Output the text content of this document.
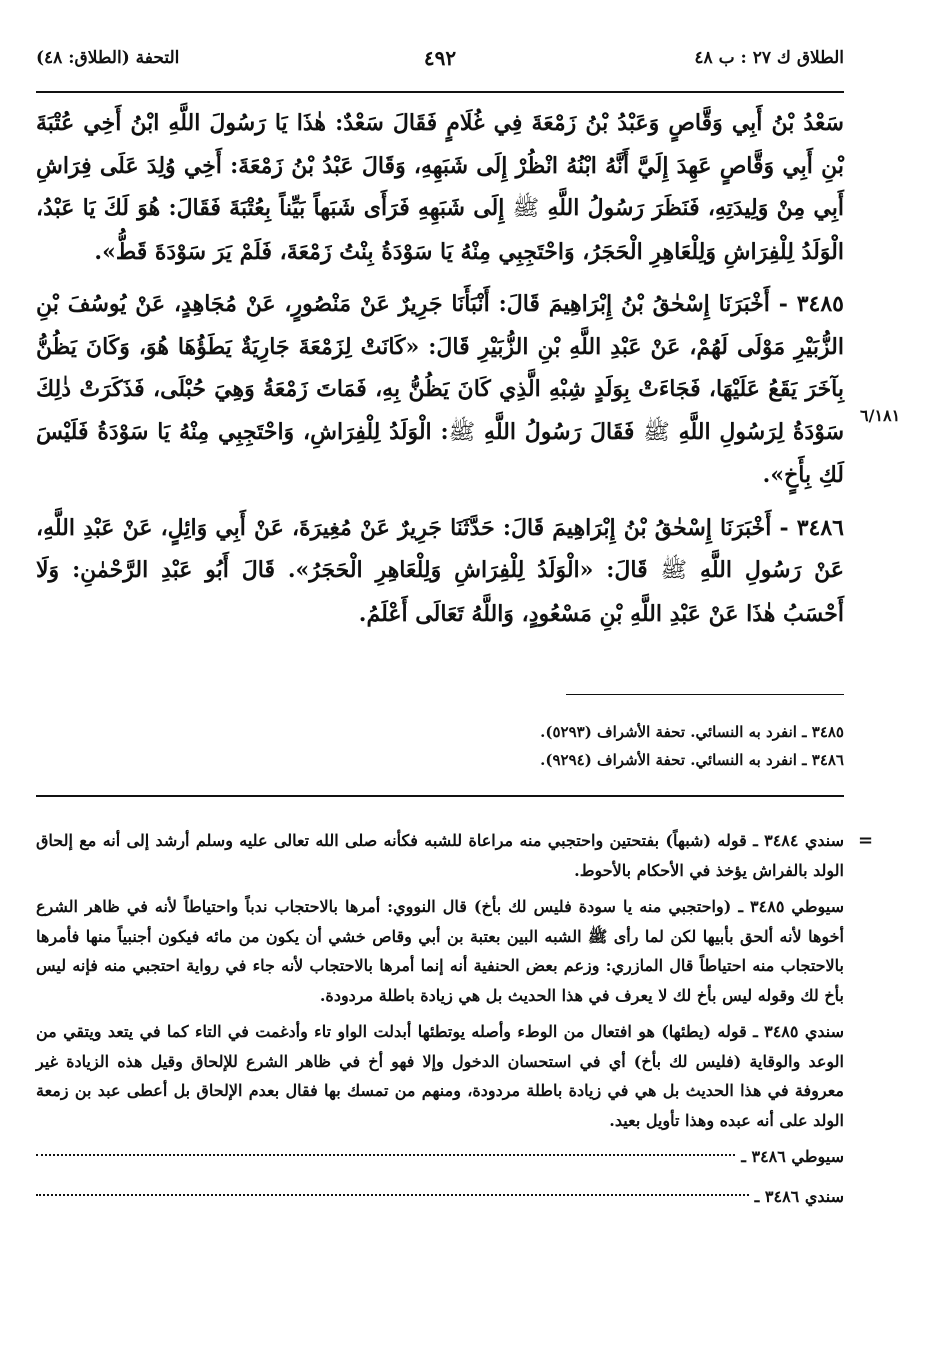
الطلاق ك ٢٧ : ب ٤٨
٤٩٢
التحفة (الطلاق: ٤٨)

سَعْدُ بْنُ أَبِي وَقَّاصٍ وَعَبْدُ بْنُ زَمْعَةَ فِي غُلَامٍ فَقَالَ سَعْدٌ: هٰذَا يَا رَسُولَ اللَّهِ ابْنُ أَخِي عُتْبَةَ بْنِ أَبِي وَقَّاصٍ عَهِدَ إِلَيَّ أَنَّهُ ابْنُهُ انْظُرْ إِلَى شَبَهِهِ، وَقَالَ عَبْدُ بْنُ زَمْعَةَ: أَخِي وُلِدَ عَلَى فِرَاشِ أَبِي مِنْ وَلِيدَتِهِ، فَنَظَرَ رَسُولُ اللَّهِ ﷺ إِلَى شَبَهِهِ فَرَأَى شَبَهاً بَيِّناً بِعُتْبَةَ فَقَالَ: هُوَ لَكَ يَا عَبْدُ، الْوَلَدُ لِلْفِرَاشِ وَلِلْعَاهِرِ الْحَجَرُ، وَاحْتَجِبِي مِنْهُ يَا سَوْدَةُ بِنْتُ زَمْعَةَ، فَلَمْ يَرَ سَوْدَةَ قَطُّ».

٣٤٨٥ - أَخْبَرَنَا إِسْحٰقُ بْنُ إِبْرَاهِيمَ قَالَ: أَنْبَأَنَا جَرِيرٌ عَنْ مَنْصُورٍ، عَنْ مُجَاهِدٍ، عَنْ يُوسُفَ بْنِ الزُّبَيْرِ مَوْلَى لَهُمْ، عَنْ عَبْدِ اللَّهِ بْنِ الزُّبَيْرِ قَالَ: «كَانَتْ لِزَمْعَةَ جَارِيَةٌ يَطَؤُهَا هُوَ، وَكَانَ يَظُنُّ بِآخَرَ يَقَعُ عَلَيْهَا، فَجَاءَتْ بِوَلَدٍ شِبْهِ الَّذِي كَانَ يَظُنُّ بِهِ، فَمَاتَ زَمْعَةُ وَهِيَ حُبْلَى، فَذَكَرَتْ ذٰلِكَ سَوْدَةُ لِرَسُولِ اللَّهِ ﷺ فَقَالَ رَسُولُ اللَّهِ ﷺ: الْوَلَدُ لِلْفِرَاشِ، وَاحْتَجِبِي مِنْهُ يَا سَوْدَةُ فَلَيْسَ لَكِ بِأَخٍ».

٣٤٨٦ - أَخْبَرَنَا إِسْحٰقُ بْنُ إِبْرَاهِيمَ قَالَ: حَدَّثَنَا جَرِيرٌ عَنْ مُغِيرَةَ، عَنْ أَبِي وَائِلٍ، عَنْ عَبْدِ اللَّهِ، عَنْ رَسُولِ اللَّهِ ﷺ قَالَ: «الْوَلَدُ لِلْفِرَاشِ وَلِلْعَاهِرِ الْحَجَرُ». قَالَ أَبُو عَبْدِ الرَّحْمٰنِ: وَلَا أَحْسَبُ هٰذَا عَنْ عَبْدِ اللَّهِ بْنِ مَسْعُودٍ، وَاللَّهُ تَعَالَى أَعْلَمُ.

٦/١٨١
٣٤٨٥ ـ انفرد به النسائي. تحفة الأشراف (٥٢٩٣).
٣٤٨٦ ـ انفرد به النسائي. تحفة الأشراف (٩٢٩٤).
=

سندي ٣٤٨٤ ـ قوله (شبهاً) بفتحتين واحتجبي منه مراعاة للشبه فكأنه صلى الله تعالى عليه وسلم أرشد إلى أنه مع إلحاق الولد بالفراش يؤخذ في الأحكام بالأحوط.

سيوطي ٣٤٨٥ ـ (واحتجبي منه يا سودة فليس لك بأخ) قال النووي: أمرها بالاحتجاب ندباً واحتياطاً لأنه في ظاهر الشرع أخوها لأنه ألحق بأبيها لكن لما رأى ﷺ الشبه البين بعتبة بن أبي وقاص خشي أن يكون من مائه فيكون أجنبياً منها فأمرها بالاحتجاب منه احتياطاً قال المازري: وزعم بعض الحنفية أنه إنما أمرها بالاحتجاب لأنه جاء في رواية احتجبي منه فإنه ليس بأخ لك وقوله ليس بأخ لك لا يعرف في هذا الحديث بل هي زيادة باطلة مردودة.

سندي ٣٤٨٥ ـ قوله (يطئها) هو افتعال من الوطء وأصله يوتطئها أبدلت الواو تاء وأدغمت في التاء كما في يتعد ويتقي من الوعد والوقاية (فليس لك بأخ) أي في استحسان الدخول وإلا فهو أخ في ظاهر الشرع للإلحاق وقيل هذه الزيادة غير معروفة في هذا الحديث بل هي في زيادة باطلة مردودة، ومنهم من تمسك بها فقال بعدم الإلحاق بل أعطى عبد بن زمعة الولد على أنه عبده وهذا تأويل بعيد.

سيوطي ٣٤٨٦ ـ
سندي ٣٤٨٦ ـ
